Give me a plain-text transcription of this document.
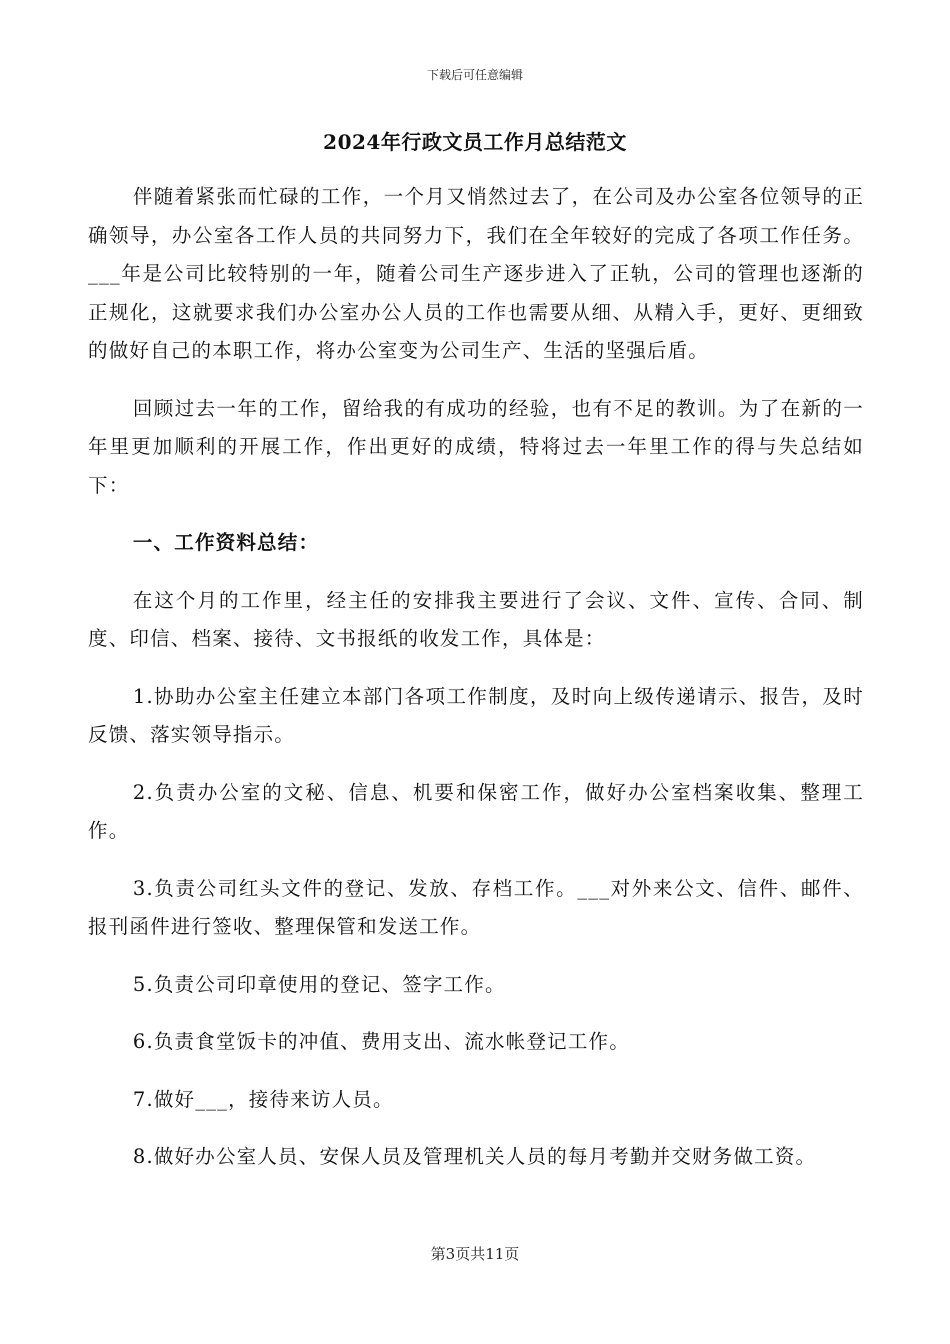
下载后可任意编辑
2024年行政文员工作月总结范文

伴随着紧张而忙碌的工作，一个月又悄然过去了，在公司及办公室各位领导的正确领导，办公室各工作人员的共同努力下，我们在全年较好的完成了各项工作任务。___年是公司比较特别的一年，随着公司生产逐步进入了正轨，公司的管理也逐渐的正规化，这就要求我们办公室办公人员的工作也需要从细、从精入手，更好、更细致的做好自己的本职工作，将办公室变为公司生产、生活的坚强后盾。

回顾过去一年的工作，留给我的有成功的经验，也有不足的教训。为了在新的一年里更加顺利的开展工作，作出更好的成绩，特将过去一年里工作的得与失总结如下：

一、工作资料总结：

在这个月的工作里，经主任的安排我主要进行了会议、文件、宣传、合同、制度、印信、档案、接待、文书报纸的收发工作，具体是：

1.协助办公室主任建立本部门各项工作制度，及时向上级传递请示、报告，及时反馈、落实领导指示。

2.负责办公室的文秘、信息、机要和保密工作，做好办公室档案收集、整理工作。

3.负责公司红头文件的登记、发放、存档工作。___对外来公文、信件、邮件、报刊函件进行签收、整理保管和发送工作。

5.负责公司印章使用的登记、签字工作。

6.负责食堂饭卡的冲值、费用支出、流水帐登记工作。

7.做好___，接待来访人员。

8.做好办公室人员、安保人员及管理机关人员的每月考勤并交财务做工资。

第3页共11页
